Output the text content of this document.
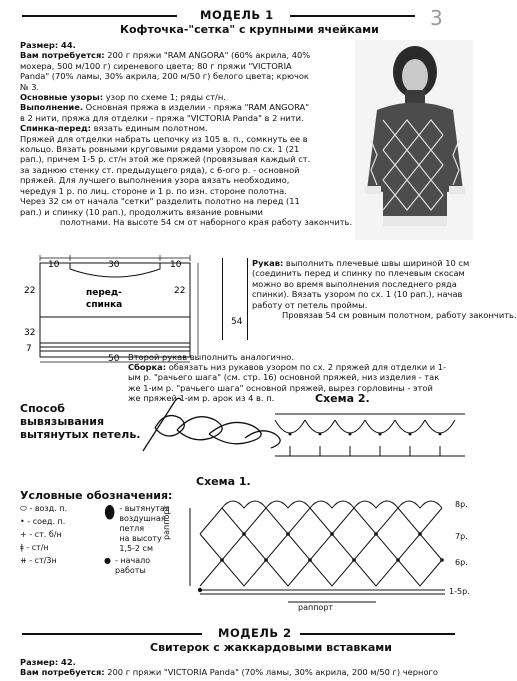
МОДЕЛЬ 1	3
Кофточка-"сетка" с крупными ячейками
Размер: 44.
Вам потребуется: 200 г пряжи "RAM ANGORA" (60% акрила, 40%
мохера, 500 м/100 г) сиреневого цвета; 80 г пряжи "VICTORIA
Panda" (70% ламы, 30% акрила, 200 м/50 г) белого цвета; крючок
№ 3.
Основные узоры: узор по схеме 1; ряды ст/н.
Выполнение. Основная пряжа в изделии - пряжа "RAM ANGORA"
в 2 нити, пряжа для отделки - пряжа "VICTORIA Panda" в 2 нити.
Спинка-перед: вязать единым полотном.
Пряжей для отделки набрать цепочку из 105 в. п., сомкнуть ее в
кольцо. Вязать ровными круговыми рядами узором по сх. 1 (21
рап.), причем 1-5 р. ст/н этой же пряжей (провязывая каждый ст.
за заднюю стенку ст. предыдущего ряда), с 6-ого р. - основной
пряжей. Для лучшего выполнения узора вязать необходимо,
чередуя 1 р. по лиц. стороне и 1 р. по изн. стороне полотна.
Через 32 см от начала "сетки" разделить полотно на перед (11
рап.) и спинку (10 рап.), продолжить вязание ровными
полотнами. На высоте 54 см от наборного края работу закончить.
10	30	10
22
32
22
7
50
перед-
спинка
54
Рукав: выполнить плечевые швы шириной 10 см
(соединить перед и спинку по плечевым скосам
можно во время выполнения последнего ряда
спинки). Вязать узором по сх. 1 (10 рап.), начав
работу от петель проймы.
Провязав 54 см ровным полотном, работу закончить.
Второй рукав выполнить аналогично.
Сборка: обвязать низ рукавов узором по сх. 2 пряжей для отделки и 1-
ым р. "рачьего шага" (см. стр. 16) основной пряжей, низ изделия - так
же 1-им р. "рачьего шага" основной пряжей, вырез горловины - этой
же пряжей 1-им р. арок из 4 в. п.
Способ
вывязывания
вытянутых петель.
Схема 2.
Условные обозначения:
⬭ - возд. п.
• - соед. п.
+ - ст. б/н
ǂ - ст/н
⧺ - ст/3н
⬮ - вытянутая
воздушная
петля
на высоту
1,5-2 см
● - начало
работы
Схема 1.
8р.
7р.
6р.
1-5р.
раппорт
раппорт
МОДЕЛЬ 2
Свитерок с жаккардовыми вставками
Размер: 42.
Вам потребуется: 200 г пряжи "VICTORIA Panda" (70% ламы, 30% акрила, 200 м/50 г) черного
